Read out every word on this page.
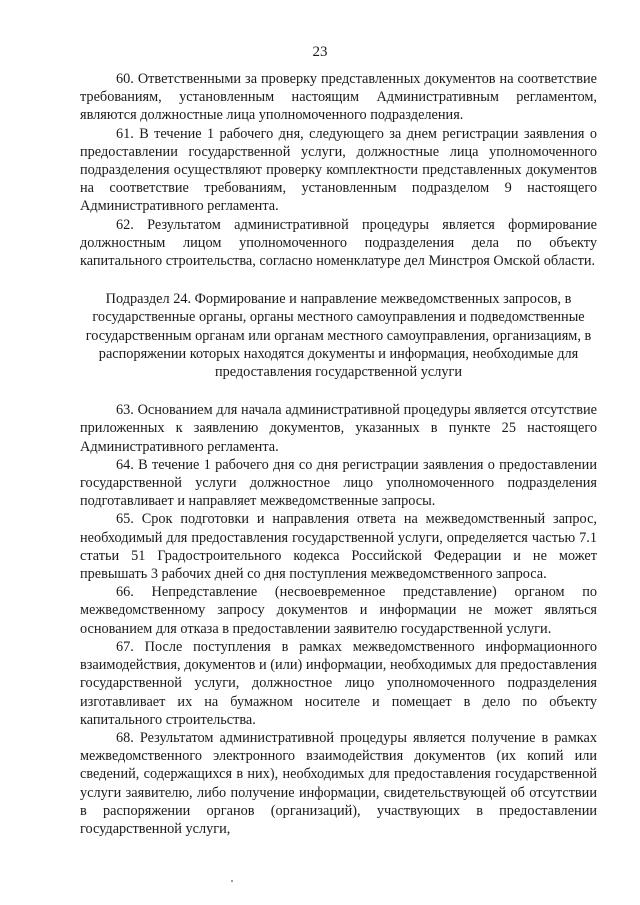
23

60. Ответственными за проверку представленных документов на соответствие требованиям, установленным настоящим Административным регламентом, являются должностные лица уполномоченного подразделения.

61. В течение 1 рабочего дня, следующего за днем регистрации заявления о предоставлении государственной услуги, должностные лица уполномоченного подразделения осуществляют проверку комплектности представленных документов на соответствие требованиям, установленным подразделом 9 настоящего Административного регламента.

62. Результатом административной процедуры является формирование должностным лицом уполномоченного подразделения дела по объекту капитального строительства, согласно номенклатуре дел Минстроя Омской области.

Подраздел 24. Формирование и направление межведомственных запросов, в государственные органы, органы местного самоуправления и подведомственные государственным органам или органам местного самоуправления, организациям, в распоряжении которых находятся документы и информация, необходимые для предоставления государственной услуги

63. Основанием для начала административной процедуры является отсутствие приложенных к заявлению документов, указанных в пункте 25 настоящего Административного регламента.

64. В течение 1 рабочего дня со дня регистрации заявления о предоставлении государственной услуги должностное лицо уполномоченного подразделения подготавливает и направляет межведомственные запросы.

65. Срок подготовки и направления ответа на межведомственный запрос, необходимый для предоставления государственной услуги, определяется частью 7.1 статьи 51 Градостроительного кодекса Российской Федерации и не может превышать 3 рабочих дней со дня поступления межведомственного запроса.

66. Непредставление (несвоевременное представление) органом по межведомственному запросу документов и информации не может являться основанием для отказа в предоставлении заявителю государственной услуги.

67. После поступления в рамках межведомственного информационного взаимодействия, документов и (или) информации, необходимых для предоставления государственной услуги, должностное лицо уполномоченного подразделения изготавливает их на бумажном носителе и помещает в дело по объекту капитального строительства.

68. Результатом административной процедуры является получение в рамках межведомственного электронного взаимодействия документов (их копий или сведений, содержащихся в них), необходимых для предоставления государственной услуги заявителю, либо получение информации, свидетельствующей об отсутствии в распоряжении органов (организаций), участвующих в предоставлении государственной услуги,
